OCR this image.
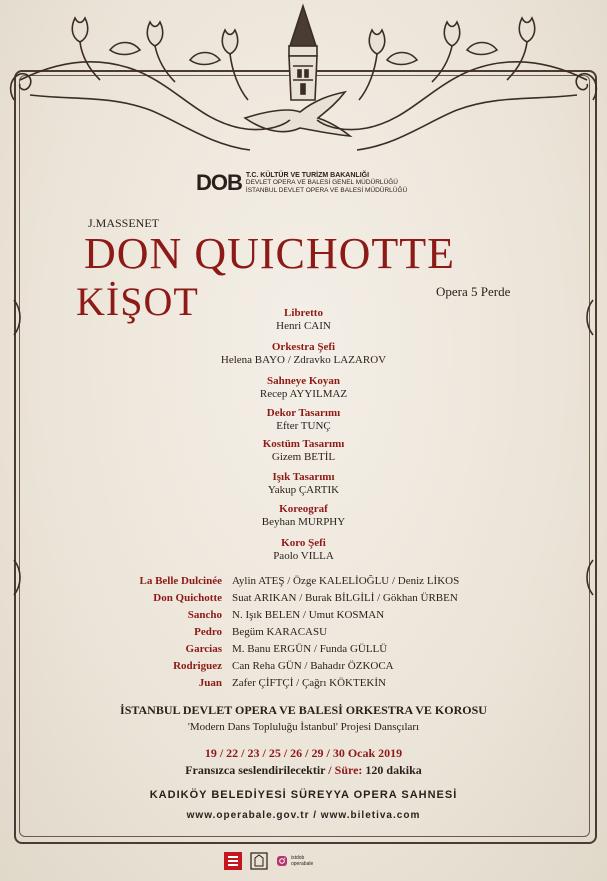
DOB T.C. KÜLTÜR VE TURİZM BAKANLIĞI
DEVLET OPERA VE BALESİ GENEL MÜDÜRLÜĞÜ
İSTANBUL DEVLET OPERA VE BALESİ MÜDÜRLÜĞÜ
J.MASSENET
DON QUICHOTTE
KİŞOT	Opera 5 Perde
Libretto
Henri CAIN
Orkestra Şefi
Helena BAYO / Zdravko LAZAROV
Sahneye Koyan
Recep AYYILMAZ
Dekor Tasarımı
Efter TUNÇ
Kostüm Tasarımı
Gizem BETİL
Işık Tasarımı
Yakup ÇARTIK
Koreograf
Beyhan MURPHY
Koro Şefi
Paolo VILLA
La Belle Dulcinée Aylin ATEŞ / Özge KALELİOĞLU / Deniz LİKOS
Don Quichotte Suat ARIKAN / Burak BİLGİLİ / Gökhan ÜRBEN
Sancho N. Işık BELEN / Umut KOSMAN
Pedro Begüm KARACASU
Garcias M. Banu ERGÜN / Funda GÜLLÜ
Rodriguez Can Reha GÜN / Bahadır ÖZKOCA
Juan Zafer ÇİFTÇİ / Çağrı KÖKTEKİN
İSTANBUL DEVLET OPERA VE BALESİ ORKESTRA VE KOROSU
'Modern Dans Topluluğu İstanbul' Projesi Dansçıları
19 / 22 / 23 / 25 / 26 / 29 / 30 Ocak 2019
Fransızca seslendirilecektir / Süre: 120 dakika
KADIKÖY BELEDİYESİ SÜREYYA OPERA SAHNESİ
www.operabale.gov.tr / www.biletiva.com
istdob
operabale
